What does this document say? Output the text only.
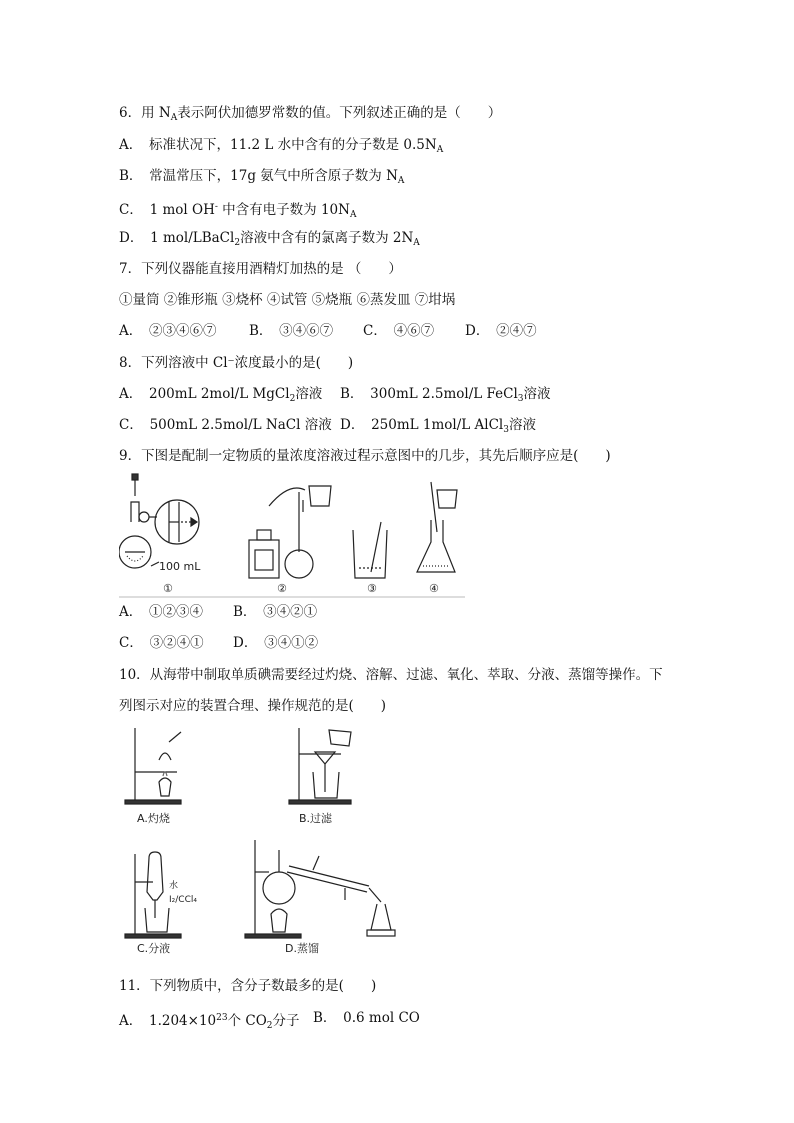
6．用 $N_A$表示阿伏加德罗常数的值。下列叙述正确的是（　　）
A．　标准状况下，11.2 L 水中含有的分子数是 $0.5N_A$
B．　常温常压下，17g 氨气中所含原子数为 $N_A$
C．　1 mol OH- 中含有电子数为 $10N_A$
D．　1 mol/LBaCl$_2$溶液中含有的氯离子数为 $2N_A$
7．下列仪器能直接用酒精灯加热的是 （　　）
①量筒 ②锥形瓶 ③烧杯 ④试管 ⑤烧瓶 ⑥蒸发皿 ⑦坩埚
A．　②③④⑥⑦ B．　③④⑥⑦ C．　④⑥⑦ D．　②④⑦
8．下列溶液中 Cl⁻浓度最小的是(　　)
A．　200mL 2mol/L MgCl$_2$溶液 B．　300mL 2.5mol/L FeCl$_3$溶液
C．　500mL 2.5mol/L NaCl 溶液 D．　250mL 1mol/L AlCl$_3$溶液
9．下图是配制一定物质的量浓度溶液过程示意图中的几步，其先后顺序应是(　　)
100 mL
①	②	③	④
A．　①②③④ B．　③④②①
C．　③②④① D．　③④①②
10．从海带中制取单质碘需要经过灼烧、溶解、过滤、氧化、萃取、分液、蒸馏等操作。下
列图示对应的装置合理、操作规范的是(　　)
A.灼烧	B.过滤
水
I₂/CCl₄
C.分液	D.蒸馏
11．下列物质中，含分子数最多的是(　　)
A．　$1.204\times 10^{23}$个 $CO_2$分子 B．　0.6 mol CO
